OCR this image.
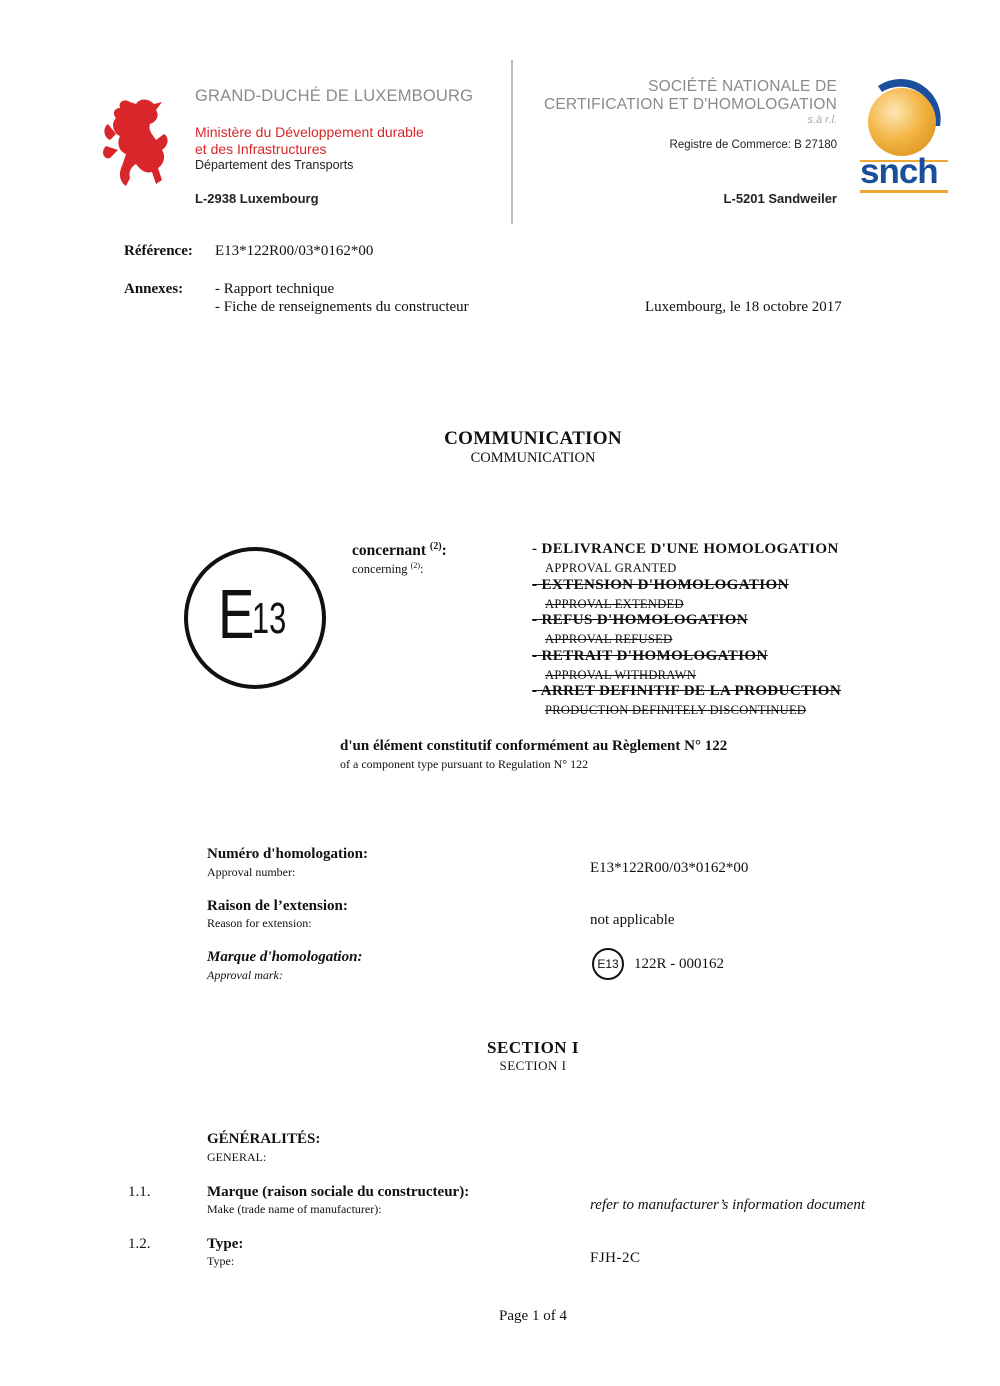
GRAND-DUCHÉ DE LUXEMBOURG
Ministère du Développement durable
et des Infrastructures
Département des Transports
L-2938 Luxembourg
SOCIÉTÉ NATIONALE DE
CERTIFICATION ET D'HOMOLOGATION
s.à r.l.
Registre de Commerce: B 27180
L-5201 Sandweiler
snch
Référence: E13*122R00/03*0162*00
Annexes: - Rapport technique
- Fiche de renseignements du constructeur	Luxembourg, le 18 octobre 2017
COMMUNICATION
COMMUNICATION
E
13
concernant $^{(2)}$:
concerning $^{(2)}$:
- DELIVRANCE D'UNE HOMOLOGATION
APPROVAL GRANTED
- EXTENSION D'HOMOLOGATION
APPROVAL EXTENDED
- REFUS D'HOMOLOGATION
APPROVAL REFUSED
- RETRAIT D'HOMOLOGATION
APPROVAL WITHDRAWN
- ARRET DEFINITIF DE LA PRODUCTION
PRODUCTION DEFINITELY DISCONTINUED
d'un élément constitutif conformément au Règlement N° 122
of a component type pursuant to Regulation N° 122
Numéro d'homologation:
Approval number:	E13*122R00/03*0162*00
Raison de l’extension:
Reason for extension:	not applicable
Marque d'homologation:
Approval mark:
E13	122R - 000162
SECTION I
SECTION I
GÉNÉRALITÉS:
GENERAL:
1.1.	Marque (raison sociale du constructeur):
Make (trade name of manufacturer):	refer to manufacturer’s information document
1.2.	Type:
Type:	FJH-2C
Page 1 of 4
